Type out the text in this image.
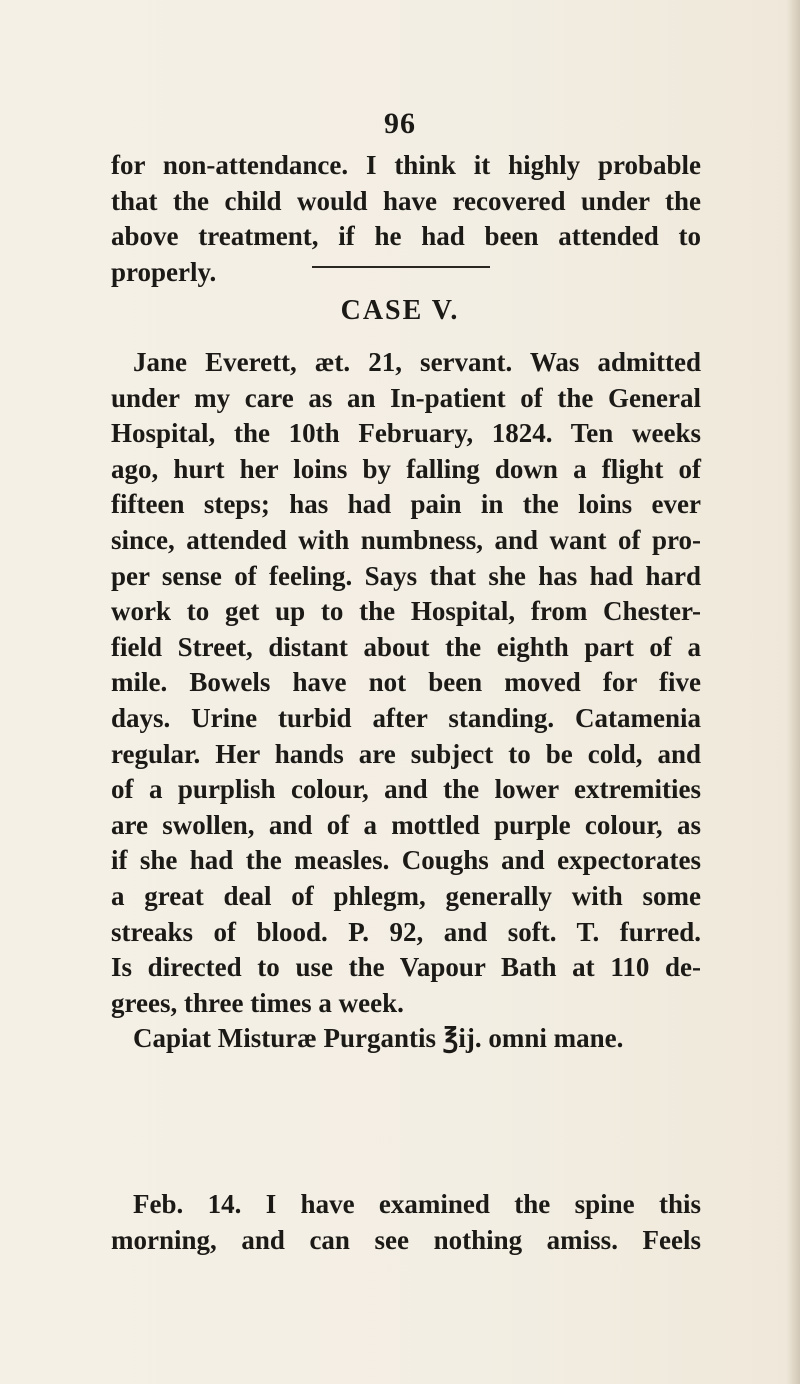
96
for non-attendance. I think it highly probable
that the child would have recovered under the
above treatment, if he had been attended to
properly.
CASE V.
Jane Everett, æt. 21, servant. Was admitted
under my care as an In-patient of the General
Hospital, the 10th February, 1824. Ten weeks
ago, hurt her loins by falling down a flight of
fifteen steps; has had pain in the loins ever
since, attended with numbness, and want of pro-
per sense of feeling. Says that she has had hard
work to get up to the Hospital, from Chester-
field Street, distant about the eighth part of a
mile. Bowels have not been moved for five
days. Urine turbid after standing. Catamenia
regular. Her hands are subject to be cold, and
of a purplish colour, and the lower extremities
are swollen, and of a mottled purple colour, as
if she had the measles. Coughs and expectorates
a great deal of phlegm, generally with some
streaks of blood. P. 92, and soft. T. furred.
Is directed to use the Vapour Bath at 110 de-
grees, three times a week.
Capiat Misturæ Purgantis ℥ij. omni mane.
Feb. 14. I have examined the spine this
morning, and can see nothing amiss. Feels
